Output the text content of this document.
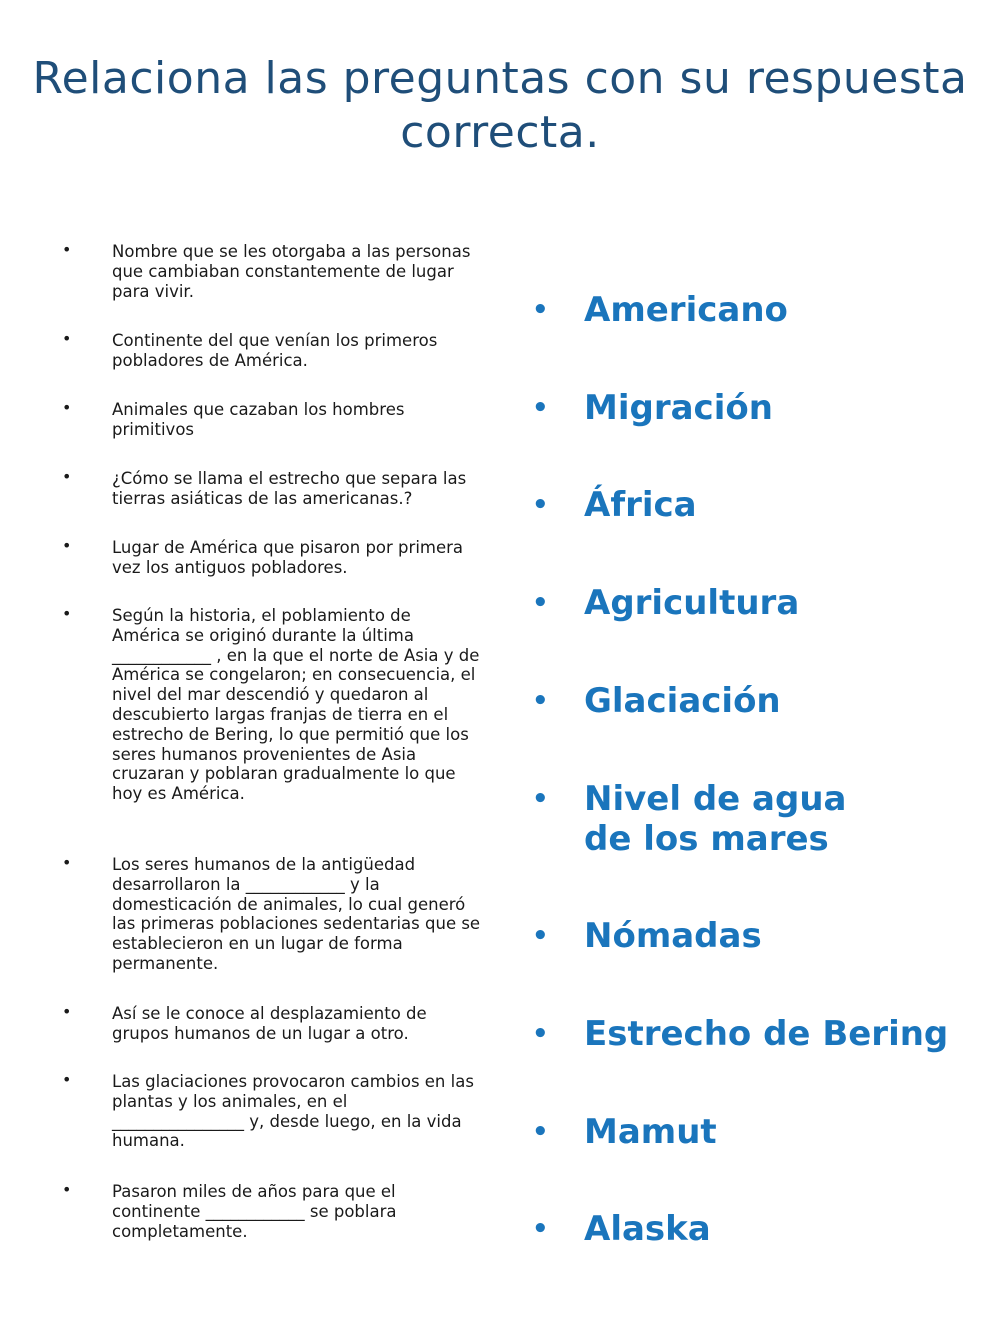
Relaciona las preguntas con su respuesta correcta.
• Nombre que se les otorgaba a las personas que cambiaban constantemente de lugar para vivir.
• Continente del que venían los primeros pobladores de América.
• Animales que cazaban los hombres primitivos
• ¿Cómo se llama el estrecho que separa las tierras asiáticas de las americanas.?
• Lugar de América que pisaron por primera vez los antiguos pobladores.
• Según la historia, el poblamiento de América se originó durante la última ____________ , en la que el norte de Asia y de América se congelaron; en consecuencia, el nivel del mar descendió y quedaron al descubierto largas franjas de tierra en el estrecho de Bering, lo que permitió que los seres humanos provenientes de Asia cruzaran y poblaran gradualmente lo que hoy es América.
• Los seres humanos de la antigüedad desarrollaron la ____________ y la domesticación de animales, lo cual generó las primeras poblaciones sedentarias que se establecieron en un lugar de forma permanente.
• Así se le conoce al desplazamiento de grupos humanos de un lugar a otro.
• Las glaciaciones provocaron cambios en las plantas y los animales, en el ________________ y, desde luego, en la vida humana.
• Pasaron miles de años para que el continente ____________ se poblara completamente.
• Americano
• Migración
• África
• Agricultura
• Glaciación
• Nivel de agua de los mares
• Nómadas
• Estrecho de Bering
• Mamut
• Alaska
